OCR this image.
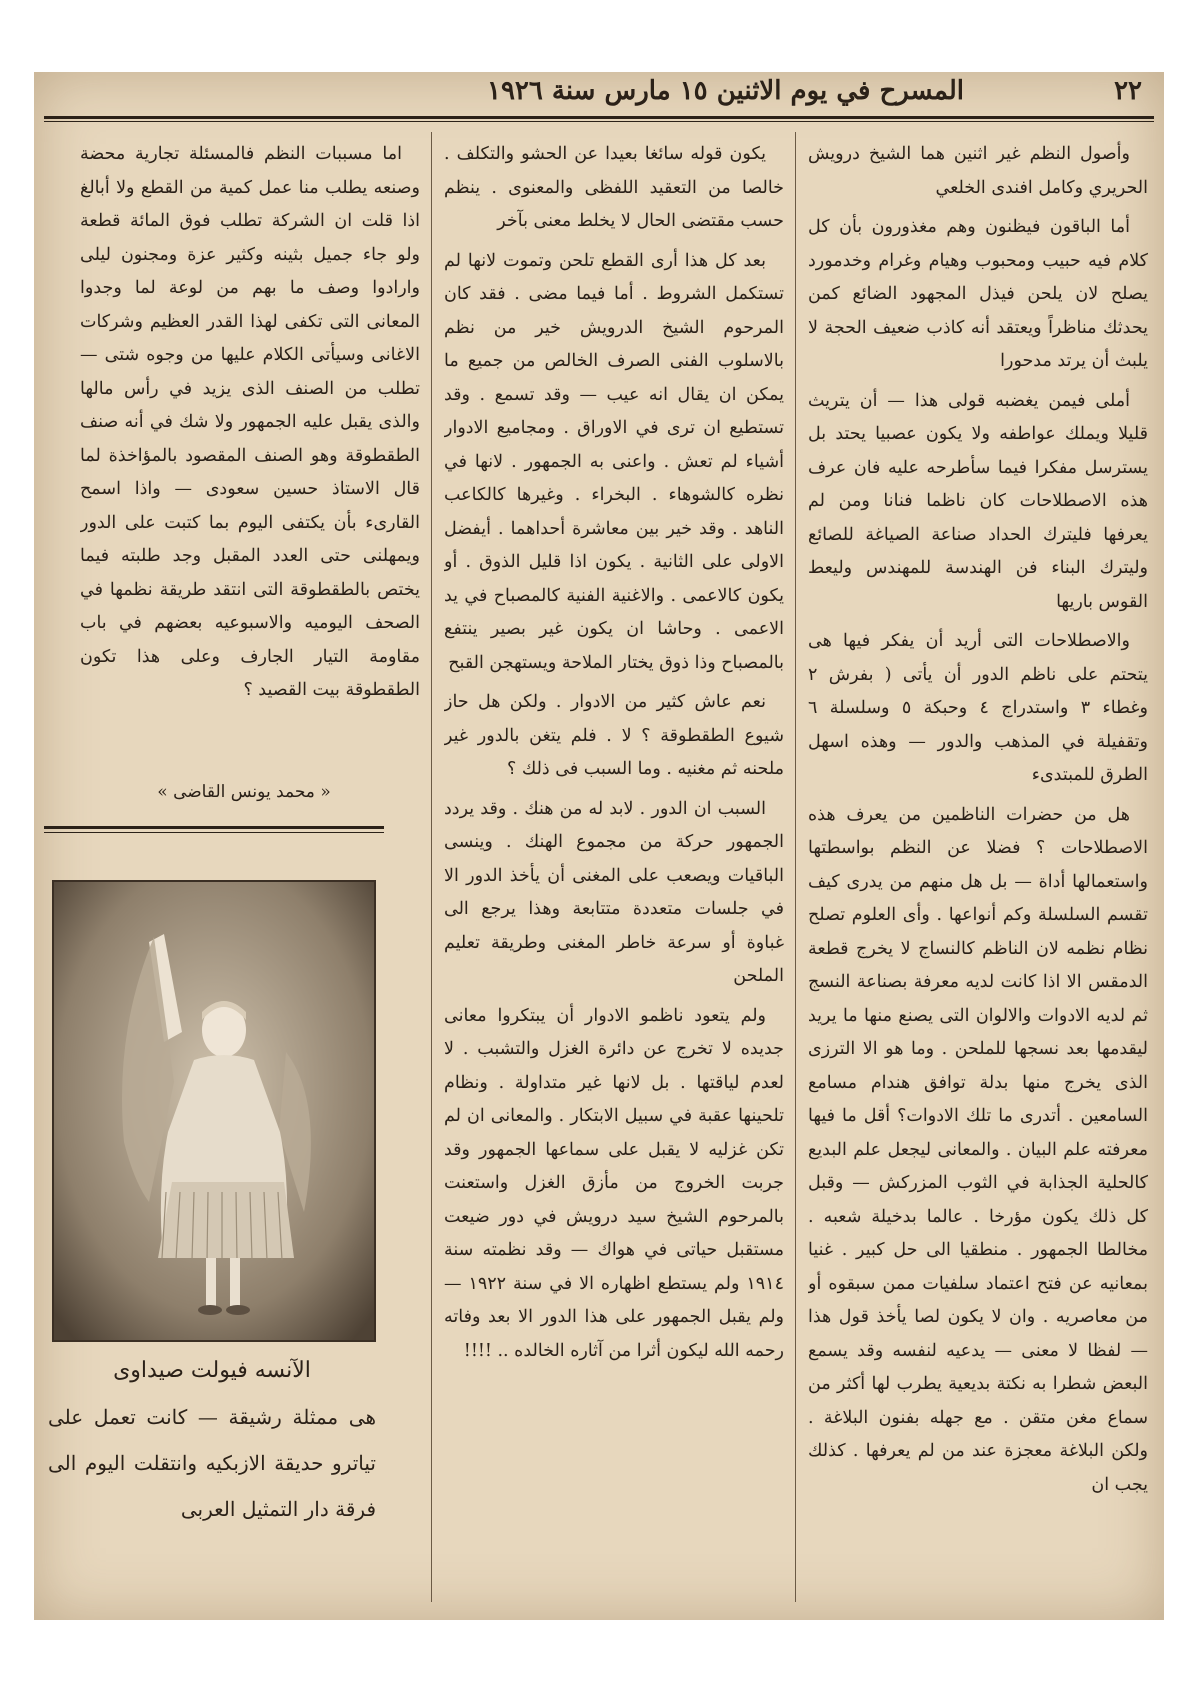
٢٢
المسرح في يوم الاثنين ١٥ مارس سنة ١٩٢٦

وأصول النظم غير اثنين هما الشيخ درويش الحريري وكامل افندى الخلعي

أما الباقون فيظنون وهم مغذورون بأن كل كلام فيه حبيب ومحبوب وهيام وغرام وخدمورد يصلح لان يلحن فيذل المجهود الضائع كمن يحدثك مناظراً ويعتقد أنه كاذب ضعيف الحجة لا يلبث أن يرتد مدحورا

أملى فيمن يغضبه قولى هذا — أن يتريث قليلا ويملك عواطفه ولا يكون عصبيا يحتد بل يسترسل مفكرا فيما سأطرحه عليه فان عرف هذه الاصطلاحات كان ناظما فنانا ومن لم يعرفها فليترك الحداد صناعة الصياغة للصائع وليترك البناء فن الهندسة للمهندس وليعط القوس باريها

والاصطلاحات التى أريد أن يفكر فيها هى يتحتم على ناظم الدور أن يأتى ( بفرش ٢ وغطاء ٣ واستدراج ٤ وحبكة ٥ وسلسلة ٦ وتقفيلة في المذهب والدور — وهذه اسهل الطرق للمبتدىء

هل من حضرات الناظمين من يعرف هذه الاصطلاحات ؟ فضلا عن النظم بواسطتها واستعمالها أداة — بل هل منهم من يدرى كيف تقسم السلسلة وكم أنواعها . وأى العلوم تصلح نظام نظمه لان الناظم كالنساج لا يخرج قطعة الدمقس الا اذا كانت لديه معرفة بصناعة النسج ثم لديه الادوات والالوان التى يصنع منها ما يريد ليقدمها بعد نسجها للملحن . وما هو الا الترزى الذى يخرج منها بدلة توافق هندام مسامع السامعين . أتدرى ما تلك الادوات؟ أقل ما فيها معرفته علم البيان . والمعانى ليجعل علم البديع كالحلية الجذابة في الثوب المزركش — وقبل كل ذلك يكون مؤرخا . عالما بدخيلة شعبه . مخالطا الجمهور . منطقيا الى حل كبير . غنيا بمعانيه عن فتح اعتماد سلفيات ممن سبقوه أو من معاصريه . وان لا يكون لصا يأخذ قول هذا — لفظا لا معنى — يدعيه لنفسه وقد يسمع البعض شطرا به نكتة بديعية يطرب لها أكثر من سماع مغن متقن . مع جهله بفنون البلاغة . ولكن البلاغة معجزة عند من لم يعرفها . كذلك يجب ان

يكون قوله سائغا بعيدا عن الحشو والتكلف . خالصا من التعقيد اللفظى والمعنوى . ينظم حسب مقتضى الحال لا يخلط معنى بآخر

بعد كل هذا أرى القطع تلحن وتموت لانها لم تستكمل الشروط . أما فيما مضى . فقد كان المرحوم الشيخ الدرويش خير من نظم بالاسلوب الفنى الصرف الخالص من جميع ما يمكن ان يقال انه عيب — وقد تسمع . وقد تستطيع ان ترى في الاوراق . ومجاميع الادوار أشياء لم تعش . واعنى به الجمهور . لانها في نظره كالشوهاء . البخراء . وغيرها كالكاعب الناهد . وقد خير بين معاشرة أحداهما . أيفضل الاولى على الثانية . يكون اذا قليل الذوق . أو يكون كالاعمى . والاغنية الفنية كالمصباح في يد الاعمى . وحاشا ان يكون غير بصير ينتفع بالمصباح وذا ذوق يختار الملاحة ويستهجن القبح

نعم عاش كثير من الادوار . ولكن هل حاز شيوع الطقطوقة ؟ لا . فلم يتغن بالدور غير ملحنه ثم مغنيه . وما السبب فى ذلك ؟

السبب ان الدور . لابد له من هنك . وقد يردد الجمهور حركة من مجموع الهنك . وينسى الباقيات ويصعب على المغنى أن يأخذ الدور الا في جلسات متعددة متتابعة وهذا يرجع الى غباوة أو سرعة خاطر المغنى وطريقة تعليم الملحن

ولم يتعود ناظمو الادوار أن يبتكروا معانى جديده لا تخرج عن دائرة الغزل والتشبب . لا لعدم لياقتها . بل لانها غير متداولة . ونظام تلحينها عقبة في سبيل الابتكار . والمعانى ان لم تكن غزليه لا يقبل على سماعها الجمهور وقد جربت الخروج من مأزق الغزل واستعنت بالمرحوم الشيخ سيد درويش في دور ضيعت مستقبل حياتى في هواك — وقد نظمته سنة ١٩١٤ ولم يستطع اظهاره الا في سنة ١٩٢٢ — ولم يقبل الجمهور على هذا الدور الا بعد وفاته رحمه الله ليكون أثرا من آثاره الخالده .. !!!!

اما مسببات النظم فالمسئلة تجارية محضة وصنعه يطلب منا عمل كمية من القطع ولا أبالغ اذا قلت ان الشركة تطلب فوق المائة قطعة ولو جاء جميل بثينه وكثير عزة ومجنون ليلى وارادوا وصف ما بهم من لوعة لما وجدوا المعانى التى تكفى لهذا القدر العظيم وشركات الاغانى وسيأتى الكلام عليها من وجوه شتى — تطلب من الصنف الذى يزيد في رأس مالها والذى يقبل عليه الجمهور ولا شك في أنه صنف الطقطوقة وهو الصنف المقصود بالمؤاخذة لما قال الاستاذ حسين سعودى — واذا اسمح القارىء بأن يكتفى اليوم بما كتبت على الدور ويمهلنى حتى العدد المقبل وجد طلبته فيما يختص بالطقطوقة التى انتقد طريقة نظمها في الصحف اليوميه والاسبوعيه بعضهم في باب مقاومة التيار الجارف وعلى هذا تكون الطقطوقة بيت القصيد ؟

« محمد يونس القاضى »
الآنسه فيولت صيداوى
هى ممثلة رشيقة — كانت تعمل على تياترو حديقة الازبكيه وانتقلت اليوم الى فرقة دار التمثيل العربى
